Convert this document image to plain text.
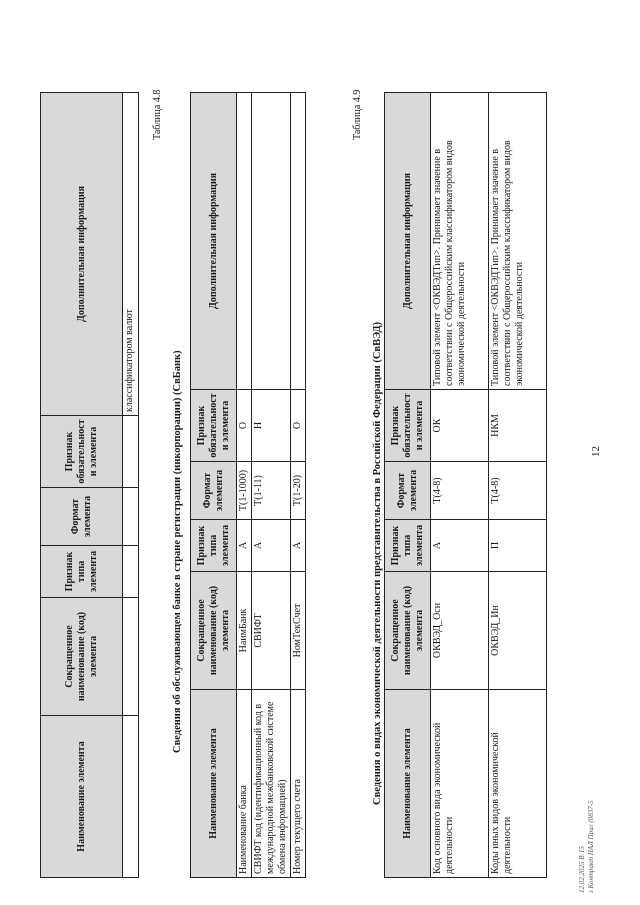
12
Наименование элемента	Сокращенное наименование (код) элемента	Признак типа элемента	Формат элемента	Признак обязательности элемента	Дополнительная информация
					классификатором валют
Таблица 4.8
Сведения об обслуживающем банке в стране регистрации (инкорпорации) (СвБанк)
Наименование элемента	Сокращенное наименование (код) элемента	Признак типа элемента	Формат элемента	Признак обязательности элемента	Дополнительная информация
Наименование банка	НаимБанк	А	T(1-1000)	О	
СВИФТ код (идентификационный код в международной межбанковской системе обмена информацией)	СВИФТ	А	T(1-11)	Н	
Номер текущего счета	НомТекСчет	А	T(1-20)	О	
Таблица 4.9
Сведения о видах экономической деятельности представительства в Российской Федерации (СвВЭД) Наименование элемента	Сокращенное наименование (код) элемента	Признак типа элемента	Формат элемента	Признак обязательности элемента	Дополнительная информация
Код основного вида экономической деятельности	ОКВЭД_Осн	А	T(4-8)	ОК	Типовой элемент <ОКВЭДТип>. Принимает значение в соответствии с Общероссийским классификатором видов экономической деятельности
Коды иных видов экономической деятельности	ОКВЭД_Ин	П	T(4-8)	НКМ	Типовой элемент <ОКВЭДТип>. Принимает значение в соответствии с Общероссийским классификатором видов экономической деятельности
12.02.2025 В:15 з Контракт НАЛ Прил (0837-5
